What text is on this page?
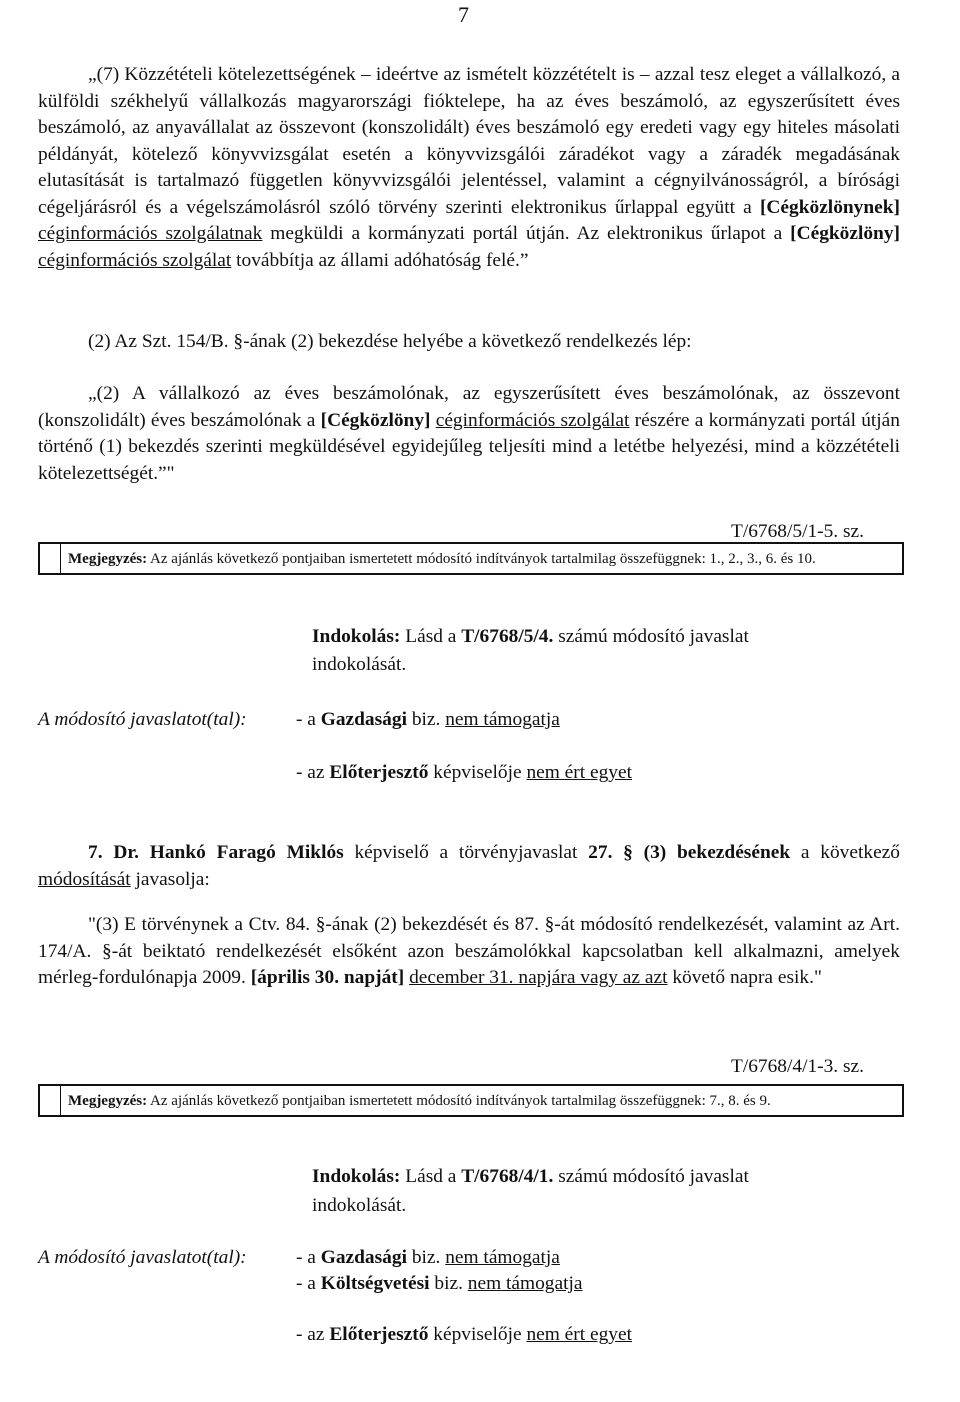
7
„(7) Közzétételi kötelezettségének – ideértve az ismételt közzétételt is – azzal tesz eleget a vállalkozó, a külföldi székhelyű vállalkozás magyarországi fióktelepe, ha az éves beszámoló, az egyszerűsített éves beszámoló, az anyavállalat az összevont (konszolidált) éves beszámoló egy eredeti vagy egy hiteles másolati példányát, kötelező könyvvizsgálat esetén a könyvvizsgálói záradékot vagy a záradék megadásának elutasítását is tartalmazó független könyvvizsgálói jelentéssel, valamint a cégnyilvánosságról, a bírósági cégeljárásról és a végelszámolásról szóló törvény szerinti elektronikus űrlappal együtt a [Cégközlönynek] céginformációs szolgálatnak megküldi a kormányzati portál útján. Az elektronikus űrlapot a [Cégközlöny] céginformációs szolgálat továbbítja az állami adóhatóság felé.”
(2) Az Szt. 154/B. §-ának (2) bekezdése helyébe a következő rendelkezés lép:
„(2) A vállalkozó az éves beszámolónak, az egyszerűsített éves beszámolónak, az összevont (konszolidált) éves beszámolónak a [Cégközlöny] céginformációs szolgálat részére a kormányzati portál útján történő (1) bekezdés szerinti megküldésével egyidejűleg teljesíti mind a letétbe helyezési, mind a közzétételi kötelezettségét.”"
T/6768/5/1-5. sz.
Megjegyzés: Az ajánlás következő pontjaiban ismertetett módosító indítványok tartalmilag összefüggnek: 1., 2., 3., 6. és 10.
Indokolás: Lásd a T/6768/5/4. számú módosító javaslat
indokolását.
A módosító javaslatot(tal):	- a Gazdasági biz. nem támogatja
- az Előterjesztő képviselője nem ért egyet
7. Dr. Hankó Faragó Miklós képviselő a törvényjavaslat 27. § (3) bekezdésének a következő módosítását javasolja:
"(3) E törvénynek a Ctv. 84. §-ának (2) bekezdését és 87. §-át módosító rendelkezését, valamint az Art. 174/A. §-át beiktató rendelkezését elsőként azon beszámolókkal kapcsolatban kell alkalmazni, amelyek mérleg-fordulónapja 2009. [április 30. napját] december 31. napjára vagy az azt követő napra esik."
T/6768/4/1-3. sz.
Megjegyzés: Az ajánlás következő pontjaiban ismertetett módosító indítványok tartalmilag összefüggnek: 7., 8. és 9.
Indokolás: Lásd a T/6768/4/1. számú módosító javaslat
indokolását.
A módosító javaslatot(tal):	- a Gazdasági biz. nem támogatja
- a Költségvetési biz. nem támogatja
- az Előterjesztő képviselője nem ért egyet
